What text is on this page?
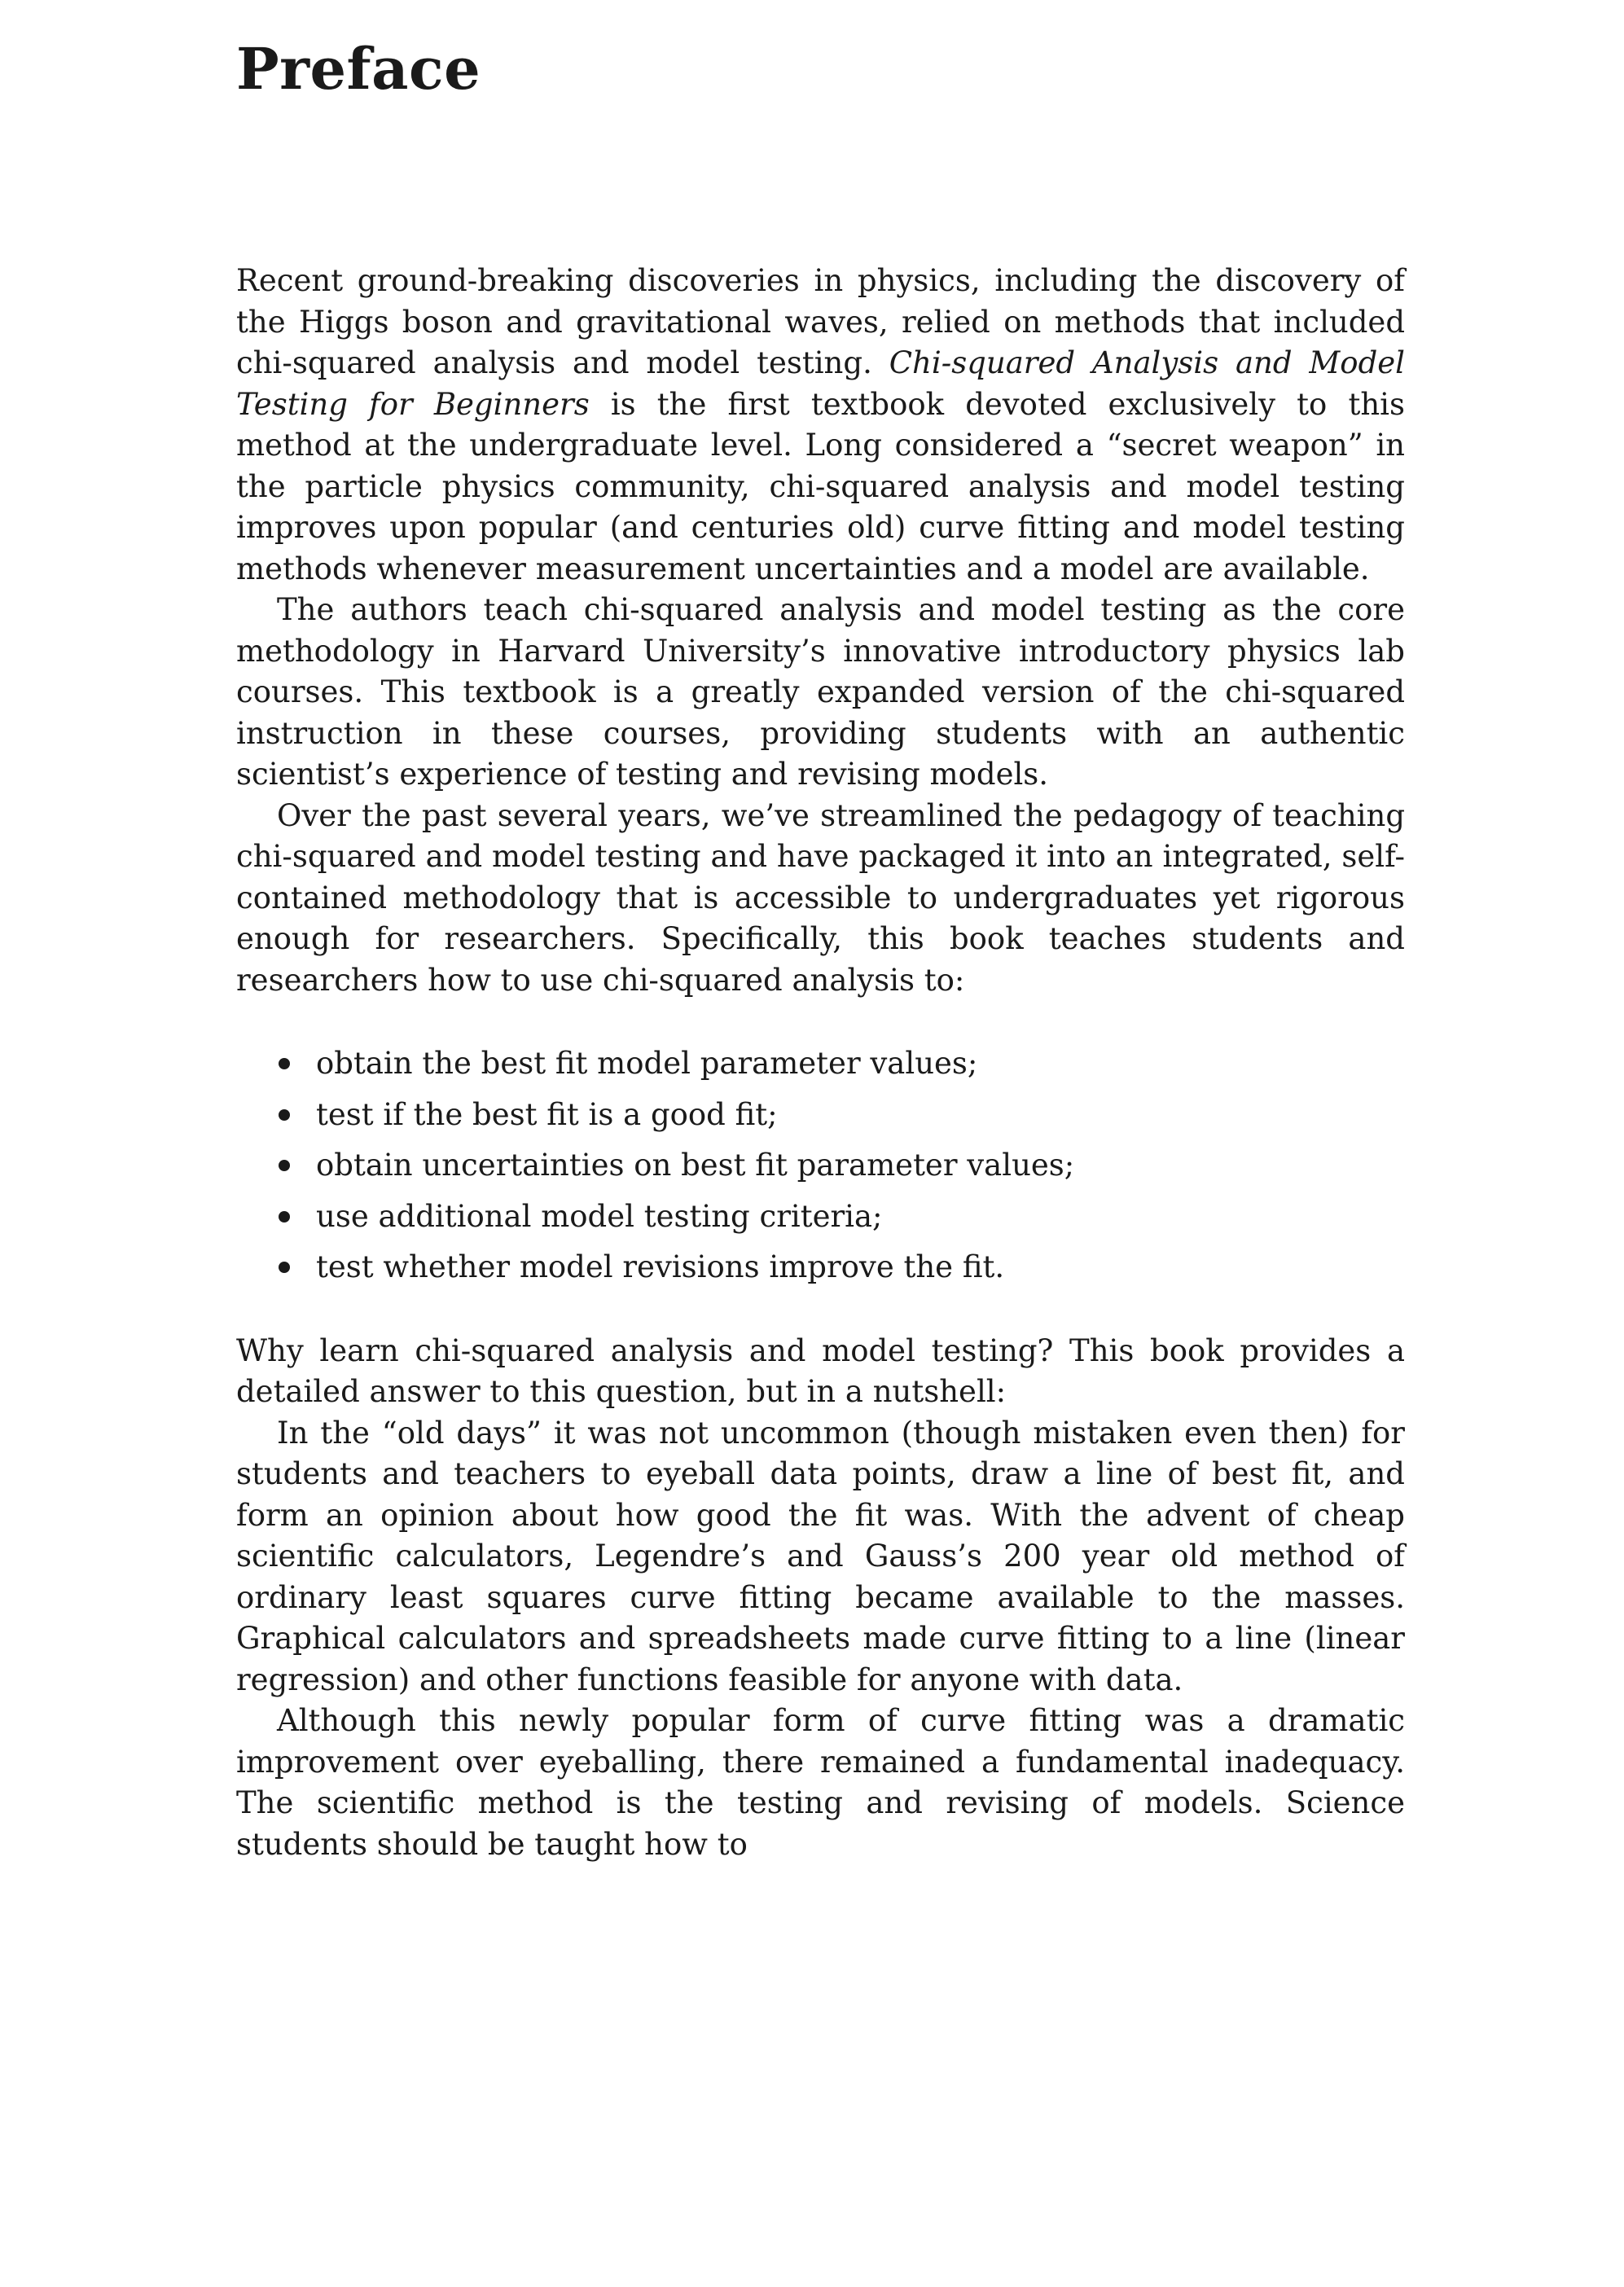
Preface

Recent ground-breaking discoveries in physics, including the discovery of the Higgs boson and gravitational waves, relied on methods that included chi-squared analysis and model testing. Chi-squared Analysis and Model Testing for Beginners is the first textbook devoted exclusively to this method at the undergraduate level. Long considered a “secret weapon” in the particle physics community, chi-squared analysis and model testing improves upon popular (and centuries old) curve fitting and model testing methods whenever measurement uncertainties and a model are available.

The authors teach chi-squared analysis and model testing as the core methodology in Harvard University’s innovative introductory physics lab courses. This textbook is a greatly expanded version of the chi-squared instruction in these courses, providing students with an authentic scientist’s experience of testing and revising models.

Over the past several years, we’ve streamlined the pedagogy of teaching chi-squared and model testing and have packaged it into an integrated, self-contained methodology that is accessible to undergraduates yet rigorous enough for researchers. Specifically, this book teaches students and researchers how to use chi-squared analysis to:

obtain the best fit model parameter values;
test if the best fit is a good fit;
obtain uncertainties on best fit parameter values;
use additional model testing criteria;
test whether model revisions improve the fit.

Why learn chi-squared analysis and model testing? This book provides a detailed answer to this question, but in a nutshell:

In the “old days” it was not uncommon (though mistaken even then) for students and teachers to eyeball data points, draw a line of best fit, and form an opinion about how good the fit was. With the advent of cheap scientific calculators, Legendre’s and Gauss’s 200 year old method of ordinary least squares curve fitting became available to the masses. Graphical calculators and spreadsheets made curve fitting to a line (linear regression) and other functions feasible for anyone with data.

Although this newly popular form of curve fitting was a dramatic improvement over eyeballing, there remained a fundamental inadequacy. The scientific method is the testing and revising of models. Science students should be taught how to
